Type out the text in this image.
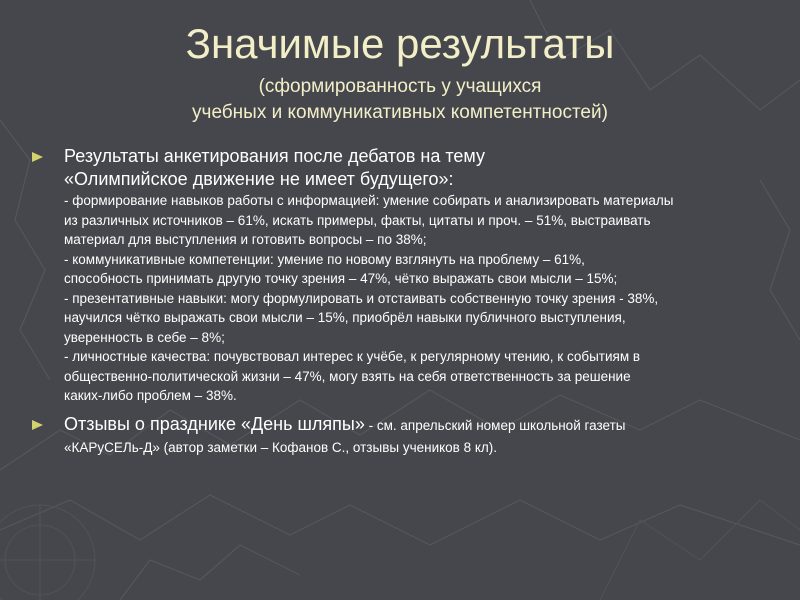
Значимые результаты
(сформированность у учащихся
учебных и коммуникативных компетентностей)
Результаты анкетирования после дебатов на тему
«Олимпийское движение не имеет будущего»:
- формирование навыков работы с информацией: умение собирать и анализировать материалы
из различных источников – 61%, искать примеры, факты, цитаты и проч. – 51%, выстраивать
материал для выступления и готовить вопросы – по 38%;
- коммуникативные компетенции: умение по новому взглянуть на проблему – 61%,
способность принимать другую точку зрения – 47%, чётко выражать свои мысли – 15%;
- презентативные навыки: могу формулировать и отстаивать собственную точку зрения - 38%,
научился чётко выражать свои мысли – 15%, приобрёл навыки публичного выступления,
уверенность в себе – 8%;
- личностные качества: почувствовал интерес к учёбе, к регулярному чтению, к событиям в
общественно-политической жизни – 47%, могу взять на себя ответственность за решение
каких-либо проблем – 38%.
Отзывы о празднике «День шляпы» - см. апрельский номер школьной газеты
«КАРуСЕЛь-Д» (автор заметки – Кофанов С., отзывы учеников 8 кл).
